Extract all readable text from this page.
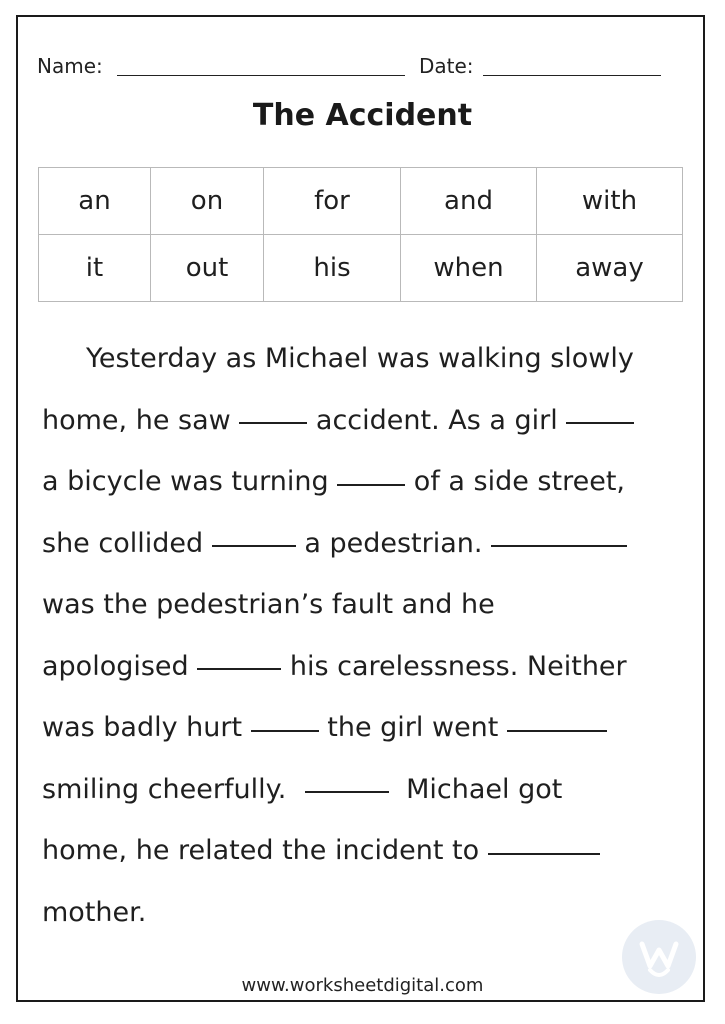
Name:	Date:
The Accident
an	on	for	and	with
it	out	his	when	away
Yesterday as Michael was walking slowly
home, he saw	accident. As a girl
a bicycle was turning	of a side street,
she collided	a pedestrian.
was the pedestrian’s fault and he
apologised	his carelessness. Neither
was badly hurt	the girl went
smiling cheerfully.	Michael got
home, he related the incident to
mother.
www.worksheetdigital.com
